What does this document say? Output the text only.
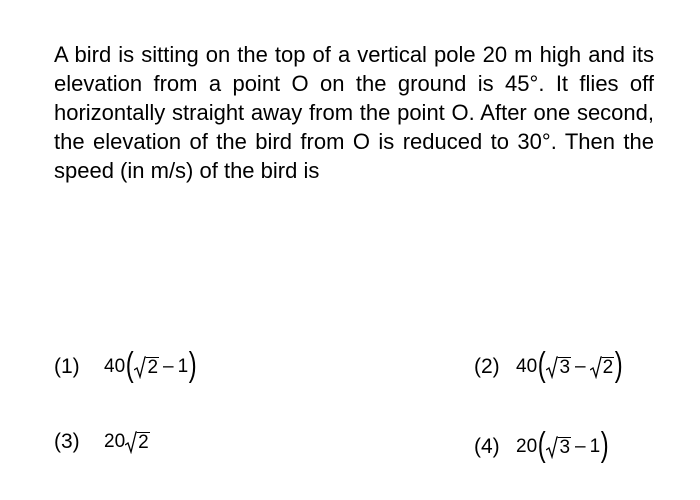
A bird is sitting on the top of a vertical pole 20 m high and its elevation from a point O on the ground is 45°. It flies off horizontally straight away from the point O. After one second, the elevation of the bird from O is reduced to 30°. Then the speed (in m/s) of the bird is

(1)	40 ( 2 – 1 )	(2) 40 ( 3 – 2 )
(3)	20 2	(4) 20 ( 3 – 1 )
